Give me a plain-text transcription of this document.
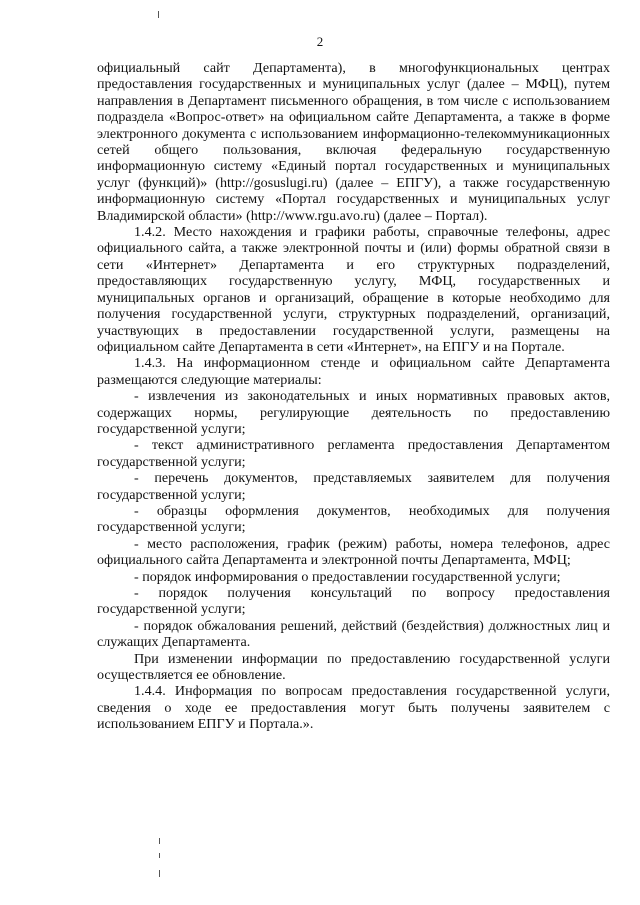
2

официальный сайт Департамента), в многофункциональных центрах предоставления государственных и муниципальных услуг (далее – МФЦ), путем направления в Департамент письменного обращения, в том числе с использованием подраздела «Вопрос-ответ» на официальном сайте Департамента, а также в форме электронного документа с использованием информационно-телекоммуникационных сетей общего пользования, включая федеральную государственную информационную систему «Единый портал государственных и муниципальных услуг (функций)» (http://gosuslugi.ru) (далее – ЕПГУ), а также государственную информационную систему «Портал государственных и муниципальных услуг Владимирской области» (http://www.rgu.avo.ru) (далее – Портал).

1.4.2. Место нахождения и графики работы, справочные телефоны, адрес официального сайта, а также электронной почты и (или) формы обратной связи в сети «Интернет» Департамента и его структурных подразделений, предоставляющих государственную услугу, МФЦ, государственных и муниципальных органов и организаций, обращение в которые необходимо для получения государственной услуги, структурных подразделений, организаций, участвующих в предоставлении государственной услуги, размещены на официальном сайте Департамента в сети «Интернет», на ЕПГУ и на Портале.

1.4.3. На информационном стенде и официальном сайте Департамента размещаются следующие материалы:

- извлечения из законодательных и иных нормативных правовых актов, содержащих нормы, регулирующие деятельность по предоставлению государственной услуги;

- текст административного регламента предоставления Департаментом государственной услуги;

- перечень документов, представляемых заявителем для получения государственной услуги;

- образцы оформления документов, необходимых для получения государственной услуги;

- место расположения, график (режим) работы, номера телефонов, адрес официального сайта Департамента и электронной почты Департамента, МФЦ;

- порядок информирования о предоставлении государственной услуги;

- порядок получения консультаций по вопросу предоставления государственной услуги;

- порядок обжалования решений, действий (бездействия) должностных лиц и служащих Департамента.

При изменении информации по предоставлению государственной услуги осуществляется ее обновление.

1.4.4. Информация по вопросам предоставления государственной услуги, сведения о ходе ее предоставления могут быть получены заявителем с использованием ЕПГУ и Портала.».
